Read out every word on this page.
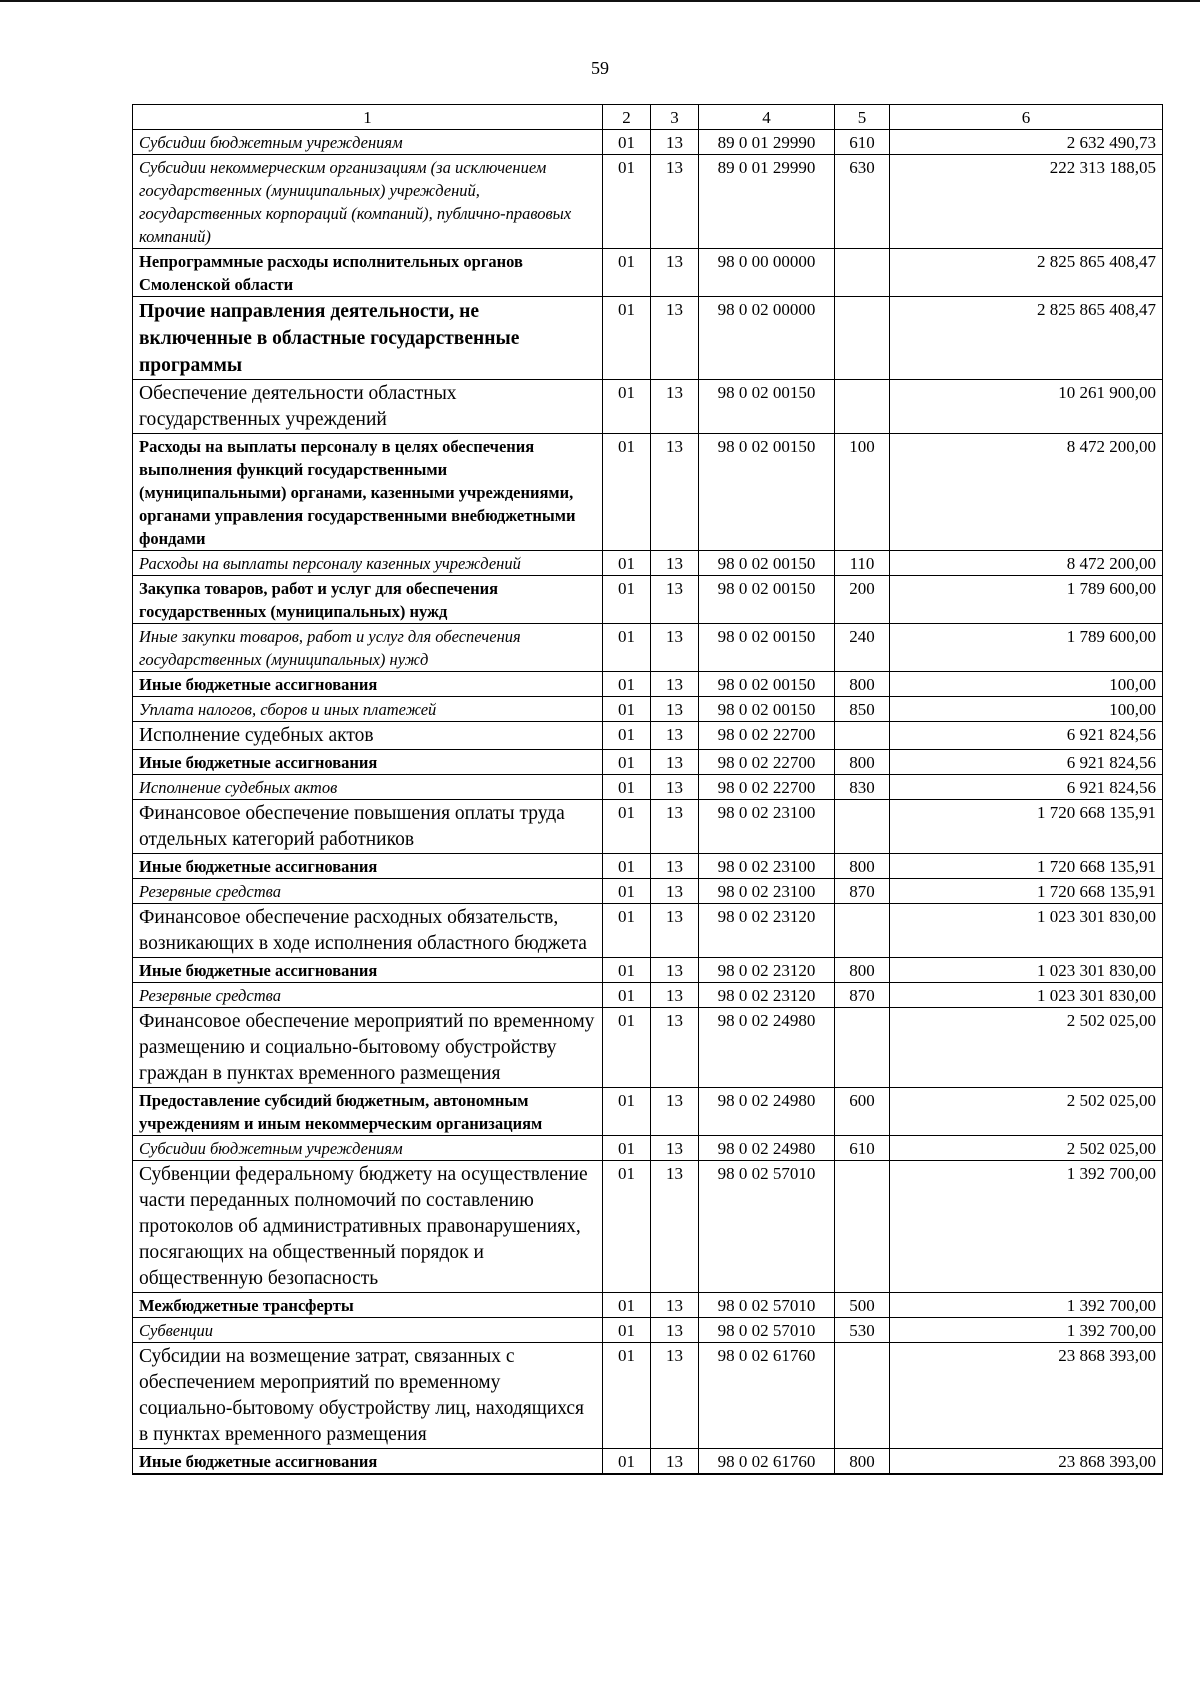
59
1	2	3	4	5	6
Субсидии бюджетным учреждениям	01	13	89 0 01 29990	610	2 632 490,73
Субсидии некоммерческим организациям (за исключением государственных (муниципальных) учреждений, государственных корпораций (компаний), публично-правовых компаний)	01	13	89 0 01 29990	630	222 313 188,05
Непрограммные расходы исполнительных органов Смоленской области	01	13	98 0 00 00000		2 825 865 408,47
Прочие направления деятельности, не включенные в областные государственные программы	01	13	98 0 02 00000		2 825 865 408,47
Обеспечение деятельности областных государственных учреждений	01	13	98 0 02 00150		10 261 900,00
Расходы на выплаты персоналу в целях обеспечения выполнения функций государственными (муниципальными) органами, казенными учреждениями, органами управления государственными внебюджетными фондами	01	13	98 0 02 00150	100	8 472 200,00
Расходы на выплаты персоналу казенных учреждений	01	13	98 0 02 00150	110	8 472 200,00
Закупка товаров, работ и услуг для обеспечения государственных (муниципальных) нужд	01	13	98 0 02 00150	200	1 789 600,00
Иные закупки товаров, работ и услуг для обеспечения государственных (муниципальных) нужд	01	13	98 0 02 00150	240	1 789 600,00
Иные бюджетные ассигнования	01	13	98 0 02 00150	800	100,00
Уплата налогов, сборов и иных платежей	01	13	98 0 02 00150	850	100,00
Исполнение судебных актов	01	13	98 0 02 22700		6 921 824,56
Иные бюджетные ассигнования	01	13	98 0 02 22700	800	6 921 824,56
Исполнение судебных актов	01	13	98 0 02 22700	830	6 921 824,56
Финансовое обеспечение повышения оплаты труда отдельных категорий работников	01	13	98 0 02 23100		1 720 668 135,91
Иные бюджетные ассигнования	01	13	98 0 02 23100	800	1 720 668 135,91
Резервные средства	01	13	98 0 02 23100	870	1 720 668 135,91
Финансовое обеспечение расходных обязательств, возникающих в ходе исполнения областного бюджета	01	13	98 0 02 23120		1 023 301 830,00
Иные бюджетные ассигнования	01	13	98 0 02 23120	800	1 023 301 830,00
Резервные средства	01	13	98 0 02 23120	870	1 023 301 830,00
Финансовое обеспечение мероприятий по временному размещению и социально-бытовому обустройству граждан в пунктах временного размещения	01	13	98 0 02 24980		2 502 025,00
Предоставление субсидий бюджетным, автономным учреждениям и иным некоммерческим организациям	01	13	98 0 02 24980	600	2 502 025,00
Субсидии бюджетным учреждениям	01	13	98 0 02 24980	610	2 502 025,00
Субвенции федеральному бюджету на осуществление части переданных полномочий по составлению протоколов об административных правонарушениях, посягающих на общественный порядок и общественную безопасность	01	13	98 0 02 57010		1 392 700,00
Межбюджетные трансферты	01	13	98 0 02 57010	500	1 392 700,00
Субвенции	01	13	98 0 02 57010	530	1 392 700,00
Субсидии на возмещение затрат, связанных с обеспечением мероприятий по временному социально-бытовому обустройству лиц, находящихся в пунктах временного размещения	01	13	98 0 02 61760		23 868 393,00
Иные бюджетные ассигнования	01	13	98 0 02 61760	800	23 868 393,00
